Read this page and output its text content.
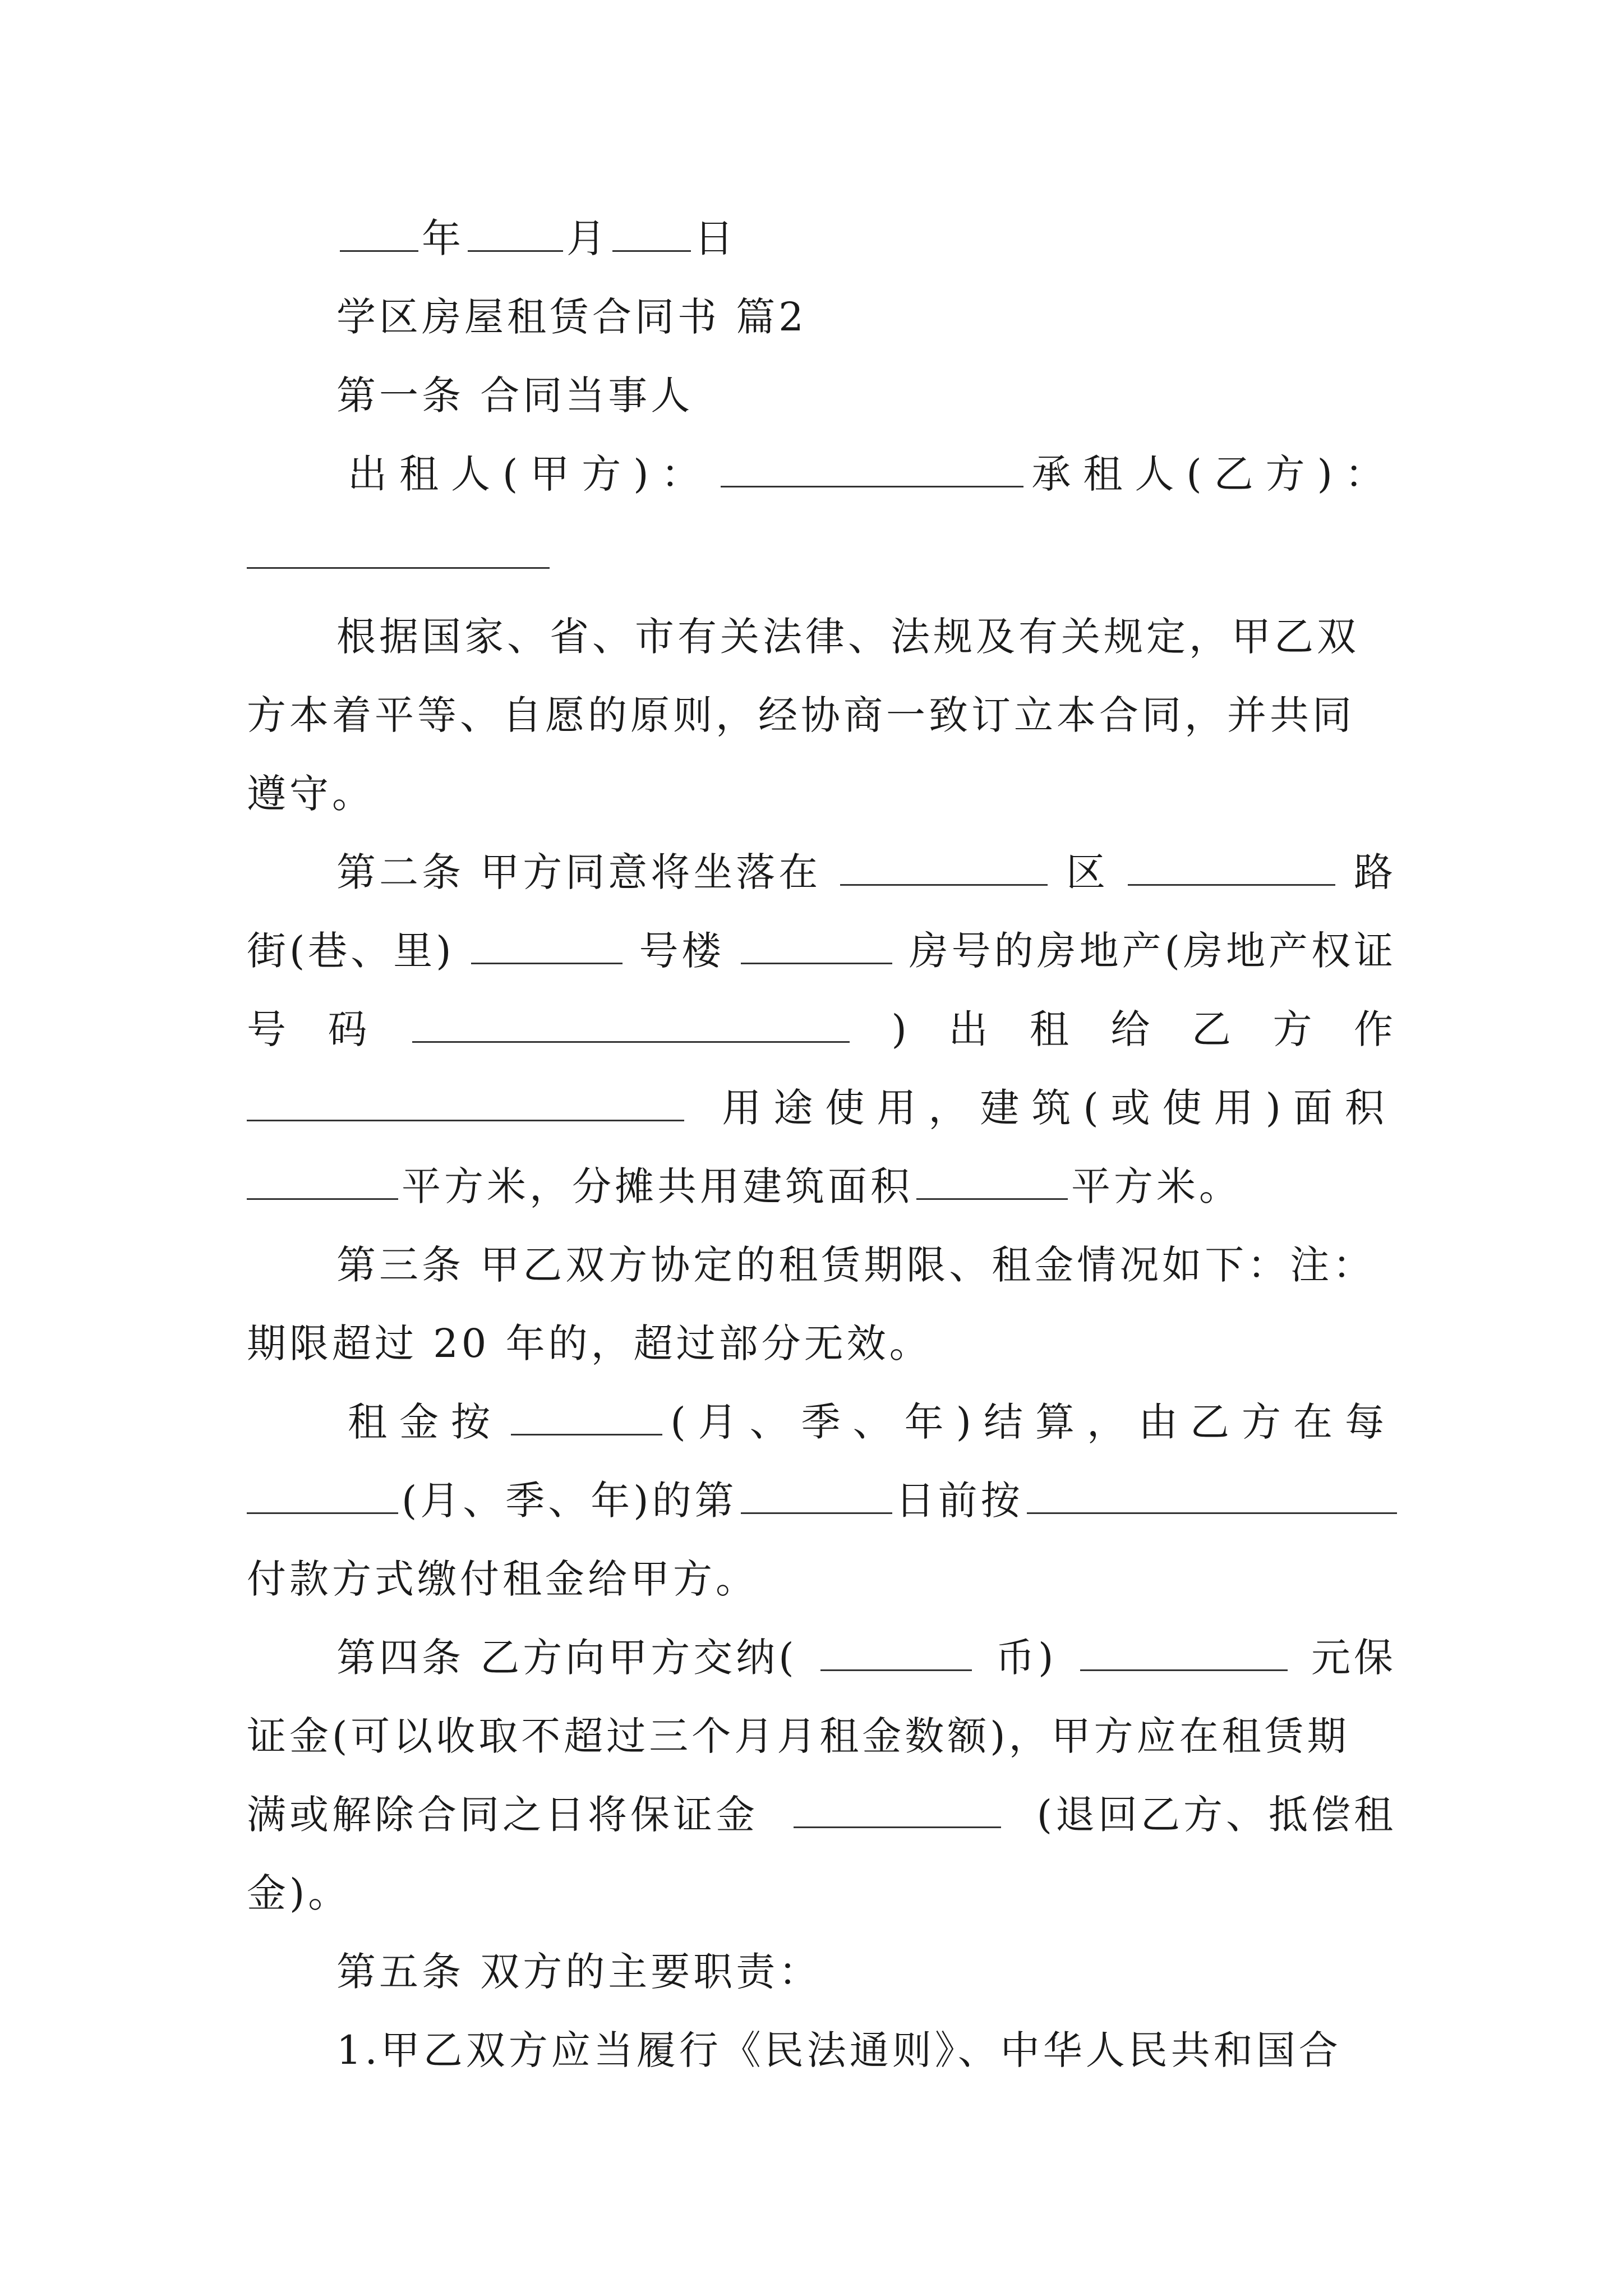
年	月 日
学区房屋租赁合同书 篇2
第一条 合同当事人
出租人(甲方)：	承租人(乙方)：
根据国家、省、市有关法律、法规及有关规定，甲乙双
方本着平等、自愿的原则，经协商一致订立本合同，并共同
遵守。
第二条 甲方同意将坐落在	区	路
街(巷、里)	号楼	房号的房地产(房地产权证
号 码	) 出 租 给 乙 方 作
用途使用，建筑(或使用)面积
平方米，分摊共用建筑面积	平方米。
第三条 甲乙双方协定的租赁期限、租金情况如下：注：
期限超过 20 年的，超过部分无效。
租金按	(月、季、年)结算，由乙方在每
(月、季、年)的第	日前按
付款方式缴付租金给甲方。
第四条 乙方向甲方交纳(	币)	元保
证金(可以收取不超过三个月月租金数额)，甲方应在租赁期
满或解除合同之日将保证金	(退回乙方、抵偿租
金)。
第五条 双方的主要职责：
1.甲乙双方应当履行《民法通则》、中华人民共和国合
